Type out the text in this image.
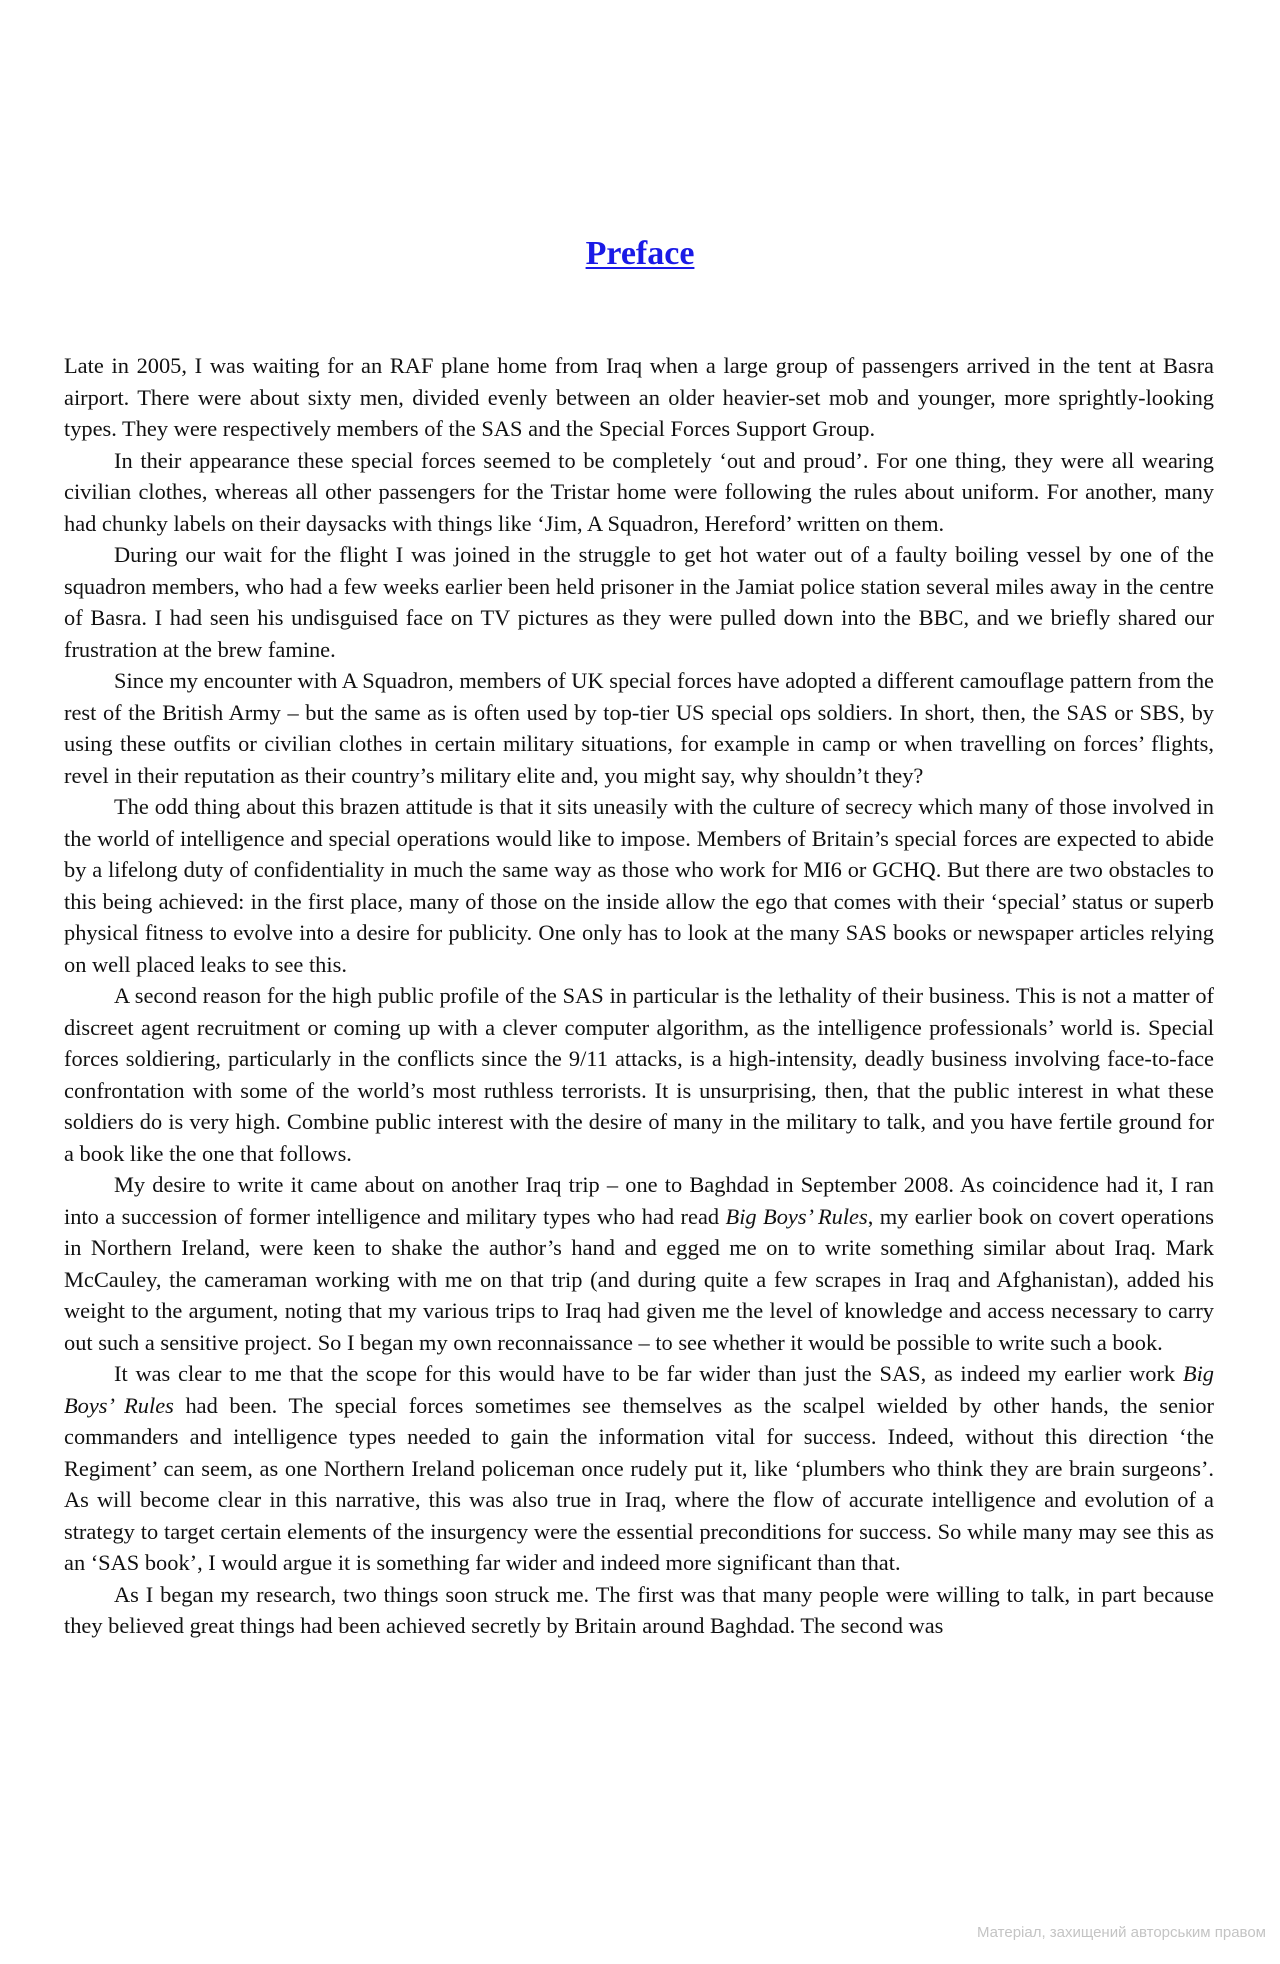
Preface

Late in 2005, I was waiting for an RAF plane home from Iraq when a large group of passengers arrived in the tent at Basra airport. There were about sixty men, divided evenly between an older heavier-set mob and younger, more sprightly-looking types. They were respectively members of the SAS and the Special Forces Support Group.

In their appearance these special forces seemed to be completely ‘out and proud’. For one thing, they were all wearing civilian clothes, whereas all other passengers for the Tristar home were following the rules about uniform. For another, many had chunky labels on their daysacks with things like ‘Jim, A Squadron, Hereford’ written on them.

During our wait for the flight I was joined in the struggle to get hot water out of a faulty boiling vessel by one of the squadron members, who had a few weeks earlier been held prisoner in the Jamiat police station several miles away in the centre of Basra. I had seen his undisguised face on TV pictures as they were pulled down into the BBC, and we briefly shared our frustration at the brew famine.

Since my encounter with A Squadron, members of UK special forces have adopted a different camouflage pattern from the rest of the British Army – but the same as is often used by top-tier US special ops soldiers. In short, then, the SAS or SBS, by using these outfits or civilian clothes in certain military situations, for example in camp or when travelling on forces’ flights, revel in their reputation as their country’s military elite and, you might say, why shouldn’t they?

The odd thing about this brazen attitude is that it sits uneasily with the culture of secrecy which many of those involved in the world of intelligence and special operations would like to impose. Members of Britain’s special forces are expected to abide by a lifelong duty of confidentiality in much the same way as those who work for MI6 or GCHQ. But there are two obstacles to this being achieved: in the first place, many of those on the inside allow the ego that comes with their ‘special’ status or superb physical fitness to evolve into a desire for publicity. One only has to look at the many SAS books or newspaper articles relying on well placed leaks to see this.

A second reason for the high public profile of the SAS in particular is the lethality of their business. This is not a matter of discreet agent recruitment or coming up with a clever computer algorithm, as the intelligence professionals’ world is. Special forces soldiering, particularly in the conflicts since the 9/11 attacks, is a high-intensity, deadly business involving face-to-face confrontation with some of the world’s most ruthless terrorists. It is unsurprising, then, that the public interest in what these soldiers do is very high. Combine public interest with the desire of many in the military to talk, and you have fertile ground for a book like the one that follows.

My desire to write it came about on another Iraq trip – one to Baghdad in September 2008. As coincidence had it, I ran into a succession of former intelligence and military types who had read Big Boys’ Rules, my earlier book on covert operations in Northern Ireland, were keen to shake the author’s hand and egged me on to write something similar about Iraq. Mark McCauley, the cameraman working with me on that trip (and during quite a few scrapes in Iraq and Afghanistan), added his weight to the argument, noting that my various trips to Iraq had given me the level of knowledge and access necessary to carry out such a sensitive project. So I began my own reconnaissance – to see whether it would be possible to write such a book.

It was clear to me that the scope for this would have to be far wider than just the SAS, as indeed my earlier work Big Boys’ Rules had been. The special forces sometimes see themselves as the scalpel wielded by other hands, the senior commanders and intelligence types needed to gain the information vital for success. Indeed, without this direction ‘the Regiment’ can seem, as one Northern Ireland policeman once rudely put it, like ‘plumbers who think they are brain surgeons’. As will become clear in this narrative, this was also true in Iraq, where the flow of accurate intelligence and evolution of a strategy to target certain elements of the insurgency were the essential preconditions for success. So while many may see this as an ‘SAS book’, I would argue it is something far wider and indeed more significant than that.

As I began my research, two things soon struck me. The first was that many people were willing to talk, in part because they believed great things had been achieved secretly by Britain around Baghdad. The second was

Матеріал, захищений авторським правом
